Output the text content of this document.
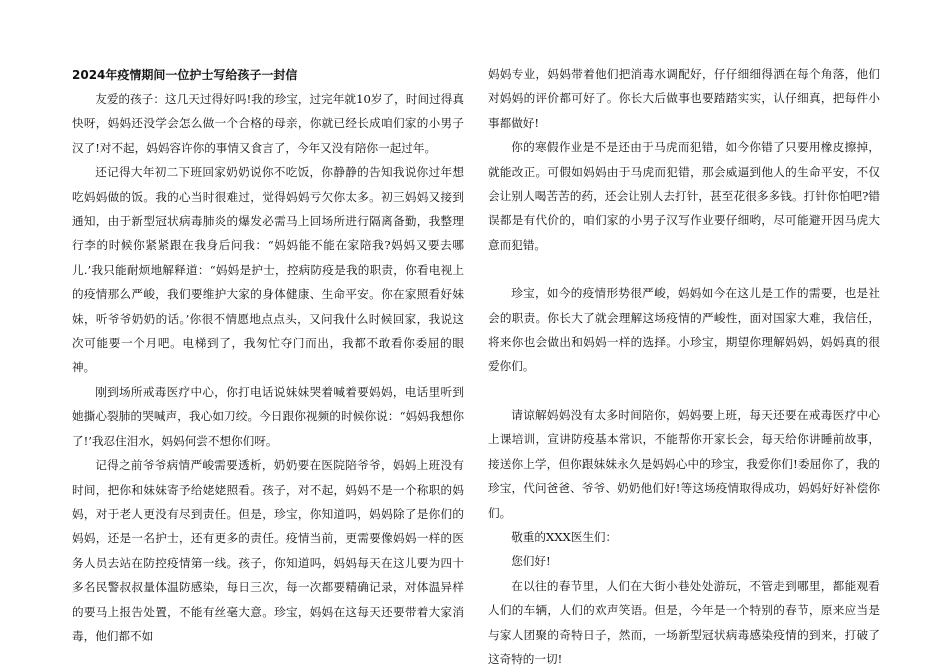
2024年疫情期间一位护士写给孩子一封信

友爱的孩子：这几天过得好吗!我的珍宝，过完年就10岁了，时间过得真快呀，妈妈还没学会怎么做一个合格的母亲，你就已经长成咱们家的小男子汉了!对不起，妈妈容许你的事情又食言了，今年又没有陪你一起过年。

还记得大年初二下班回家奶奶说你不吃饭，你静静的告知我说你过年想吃妈妈做的饭。我的心当时很难过，觉得妈妈亏欠你太多。初三妈妈又接到通知，由于新型冠状病毒肺炎的爆发必需马上回场所进行隔离备勤，我整理行李的时候你紧紧跟在我身后问我：“妈妈能不能在家陪我?妈妈又要去哪儿.’我只能耐烦地解释道：“妈妈是护士，控病防疫是我的职责，你看电视上的疫情那么严峻，我们要维护大家的身体健康、生命平安。你在家照看好妹妹，听爷爷奶奶的话。’你很不情愿地点点头，又问我什么时候回家，我说这次可能要一个月吧。电梯到了，我匆忙夺门而出，我都不敢看你委屈的眼神。

刚到场所戒毒医疗中心，你打电话说妹妹哭着喊着要妈妈，电话里听到她撕心裂肺的哭喊声，我心如刀绞。今日跟你视频的时候你说：“妈妈我想你了!’我忍住泪水，妈妈何尝不想你们呀。

记得之前爷爷病情严峻需要透析，奶奶要在医院陪爷爷，妈妈上班没有时间，把你和妹妹寄予给姥姥照看。孩子，对不起，妈妈不是一个称职的妈妈，对于老人更没有尽到责任。但是，珍宝，你知道吗，妈妈除了是你们的妈妈，还是一名护士，还有更多的责任。疫情当前，更需要像妈妈一样的医务人员去站在防控疫情第一线。孩子，你知道吗，妈妈每天在这儿要为四十多名民警叔叔量体温防感染，每日三次，每一次都要精确记录，对体温异样的要马上报告处置，不能有丝毫大意。珍宝，妈妈在这每天还要带着大家消毒，他们都不如

妈妈专业，妈妈带着他们把消毒水调配好，仔仔细细得洒在每个角落，他们对妈妈的评价都可好了。你长大后做事也要踏踏实实，认仔细真，把每件小事都做好!

你的寒假作业是不是还由于马虎而犯错，如今你错了只要用橡皮擦掉，就能改正。可假如妈妈由于马虎而犯错，那会威逼到他人的生命平安，不仅会让别人喝苦苦的药，还会让别人去打针，甚至花很多多钱。打针你怕吧?错误都是有代价的，咱们家的小男子汉写作业要仔细哟，尽可能避开因马虎大意而犯错。

珍宝，如今的疫情形势很严峻，妈妈如今在这儿是工作的需要，也是社会的职责。你长大了就会理解这场疫情的严峻性，面对国家大难，我信任，将来你也会做出和妈妈一样的选择。小珍宝，期望你理解妈妈，妈妈真的很爱你们。

请谅解妈妈没有太多时间陪你，妈妈要上班，每天还要在戒毒医疗中心上课培训，宣讲防疫基本常识，不能帮你开家长会，每天给你讲睡前故事，接送你上学，但你跟妹妹永久是妈妈心中的珍宝，我爱你们!委屈你了，我的珍宝，代问爸爸、爷爷、奶奶他们好!等这场疫情取得成功，妈妈好好补偿你们。

敬重的XXX医生们：

您们好!

在以往的春节里，人们在大街小巷处处游玩，不管走到哪里，都能观看人们的车辆，人们的欢声笑语。但是，今年是一个特别的春节，原来应当是与家人团聚的奇特日子，然而，一场新型冠状病毒感染疫情的到来，打破了这奇特的一切!
